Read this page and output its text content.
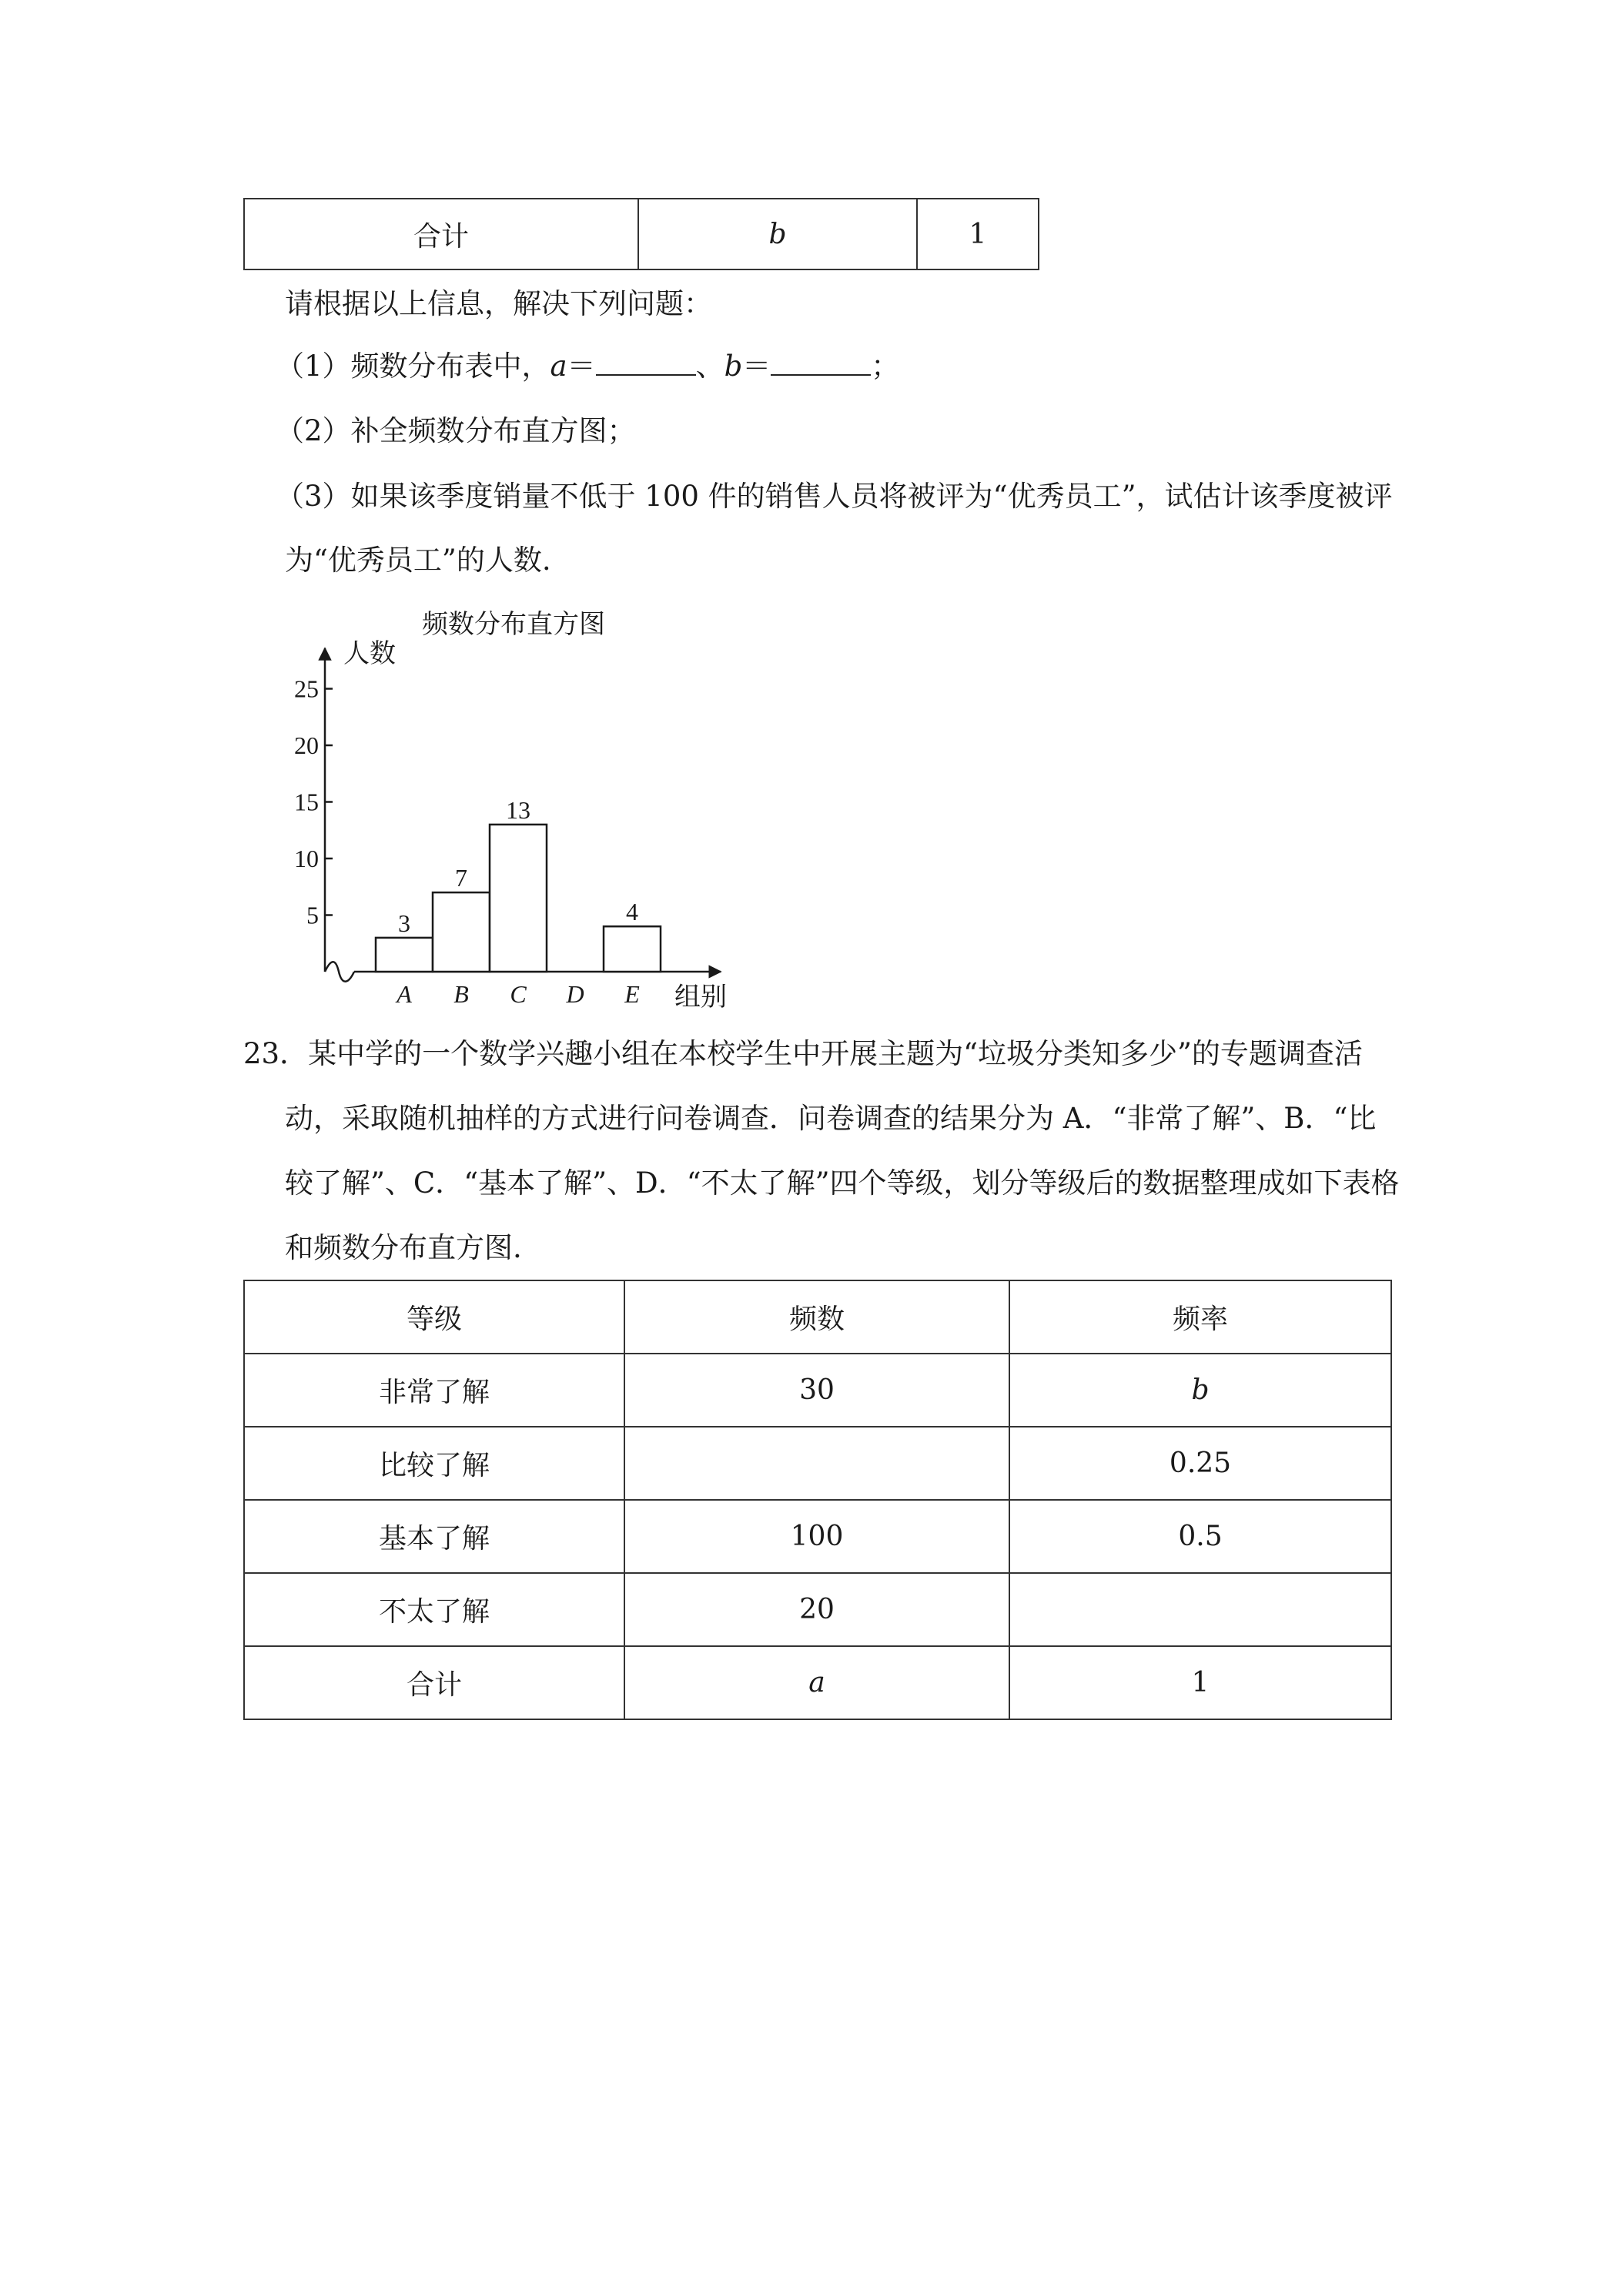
合计	b	1
请根据以上信息，解决下列问题：
（1）频数分布表中，a＝	、b＝	；
（2）补全频数分布直方图；
（3）如果该季度销量不低于 100 件的销售人员将被评为“优秀员工”，试估计该季度被评
为“优秀员工”的人数.
频数分布直方图
人数
组别
5
10
15
20
25
3
7
13
4
A B C D E
23．某中学的一个数学兴趣小组在本校学生中开展主题为“垃圾分类知多少”的专题调查活
动，采取随机抽样的方式进行问卷调查．问卷调查的结果分为 A．“非常了解”、B．“比
较了解”、C．“基本了解”、D．“不太了解”四个等级，划分等级后的数据整理成如下表格
和频数分布直方图.
等级	频数	频率
非常了解	30	b
比较了解		0.25
基本了解	100	0.5
不太了解	20	
合计	a	1
